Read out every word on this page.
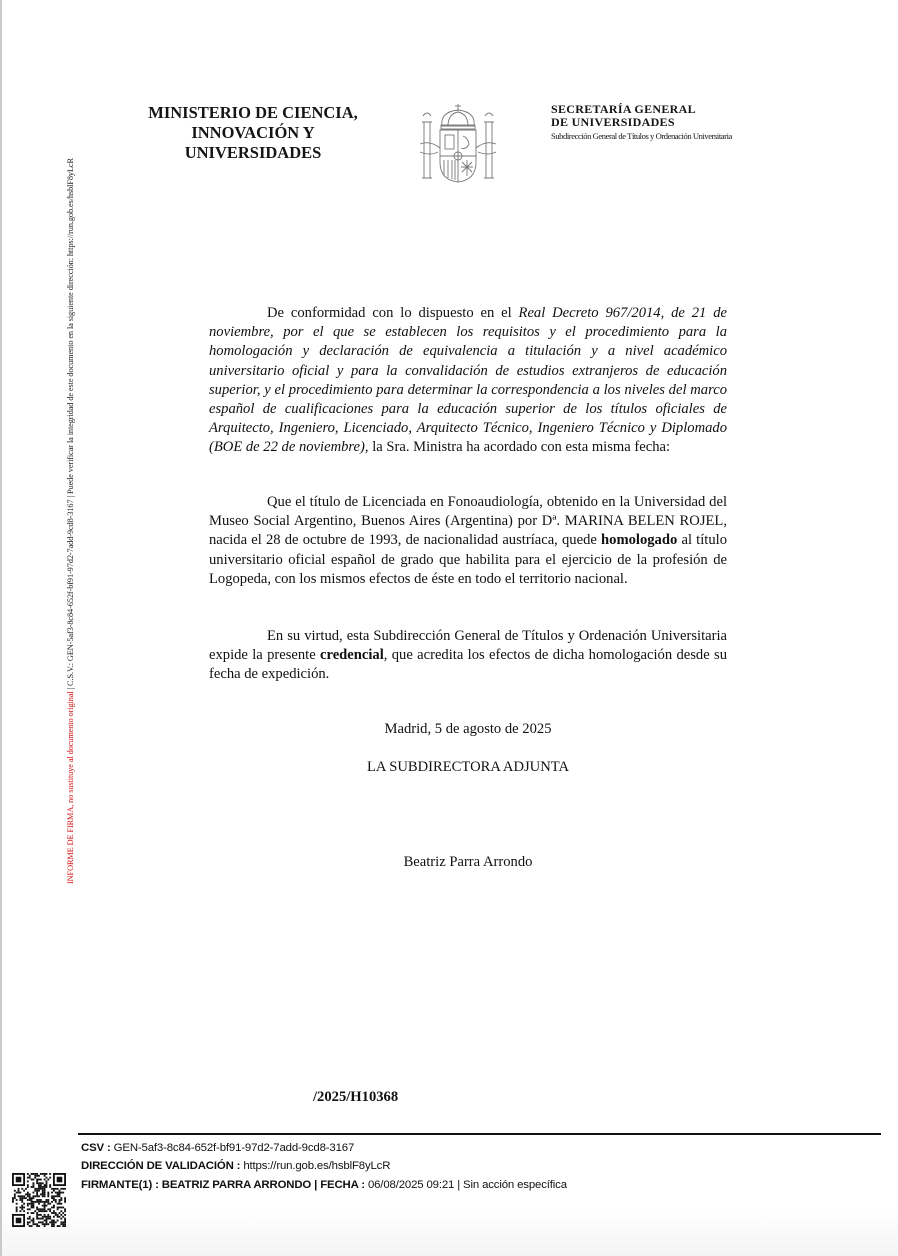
INFORME DE FIRMA, no sustituye al documento original | C.S.V.: GEN-5af3-8c84-652f-bf91-97d2-7add-9cd8-3167 | Puede verificar la integridad de este documento en la siguiente dirección: https://run.gob.es/hsblF8yLcR
MINISTERIO DE CIENCIA,
INNOVACIÓN Y
UNIVERSIDADES
SECRETARÍA GENERAL
DE UNIVERSIDADES
Subdirección General de Títulos y Ordenación Universitaria
De conformidad con lo dispuesto en el Real Decreto 967/2014, de 21 de noviembre, por el que se establecen los requisitos y el procedimiento para la homologación y declaración de equivalencia a titulación y a nivel académico universitario oficial y para la convalidación de estudios extranjeros de educación superior, y el procedimiento para determinar la correspondencia a los niveles del marco español de cualificaciones para la educación superior de los títulos oficiales de Arquitecto, Ingeniero, Licenciado, Arquitecto Técnico, Ingeniero Técnico y Diplomado (BOE de 22 de noviembre), la Sra. Ministra ha acordado con esta misma fecha:
Que el título de Licenciada en Fonoaudiología, obtenido en la Universidad del Museo Social Argentino, Buenos Aires (Argentina) por Dª. MARINA BELEN ROJEL, nacida el 28 de octubre de 1993, de nacionalidad austríaca, quede homologado al título universitario oficial español de grado que habilita para el ejercicio de la profesión de Logopeda, con los mismos efectos de éste en todo el territorio nacional.
En su virtud, esta Subdirección General de Títulos y Ordenación Universitaria expide la presente credencial, que acredita los efectos de dicha homologación desde su fecha de expedición.
Madrid, 5 de agosto de 2025
LA SUBDIRECTORA ADJUNTA
Beatriz Parra Arrondo
/2025/H10368
CSV : GEN-5af3-8c84-652f-bf91-97d2-7add-9cd8-3167
DIRECCIÓN DE VALIDACIÓN : https://run.gob.es/hsblF8yLcR
FIRMANTE(1) : BEATRIZ PARRA ARRONDO | FECHA : 06/08/2025 09:21 | Sin acción específica
